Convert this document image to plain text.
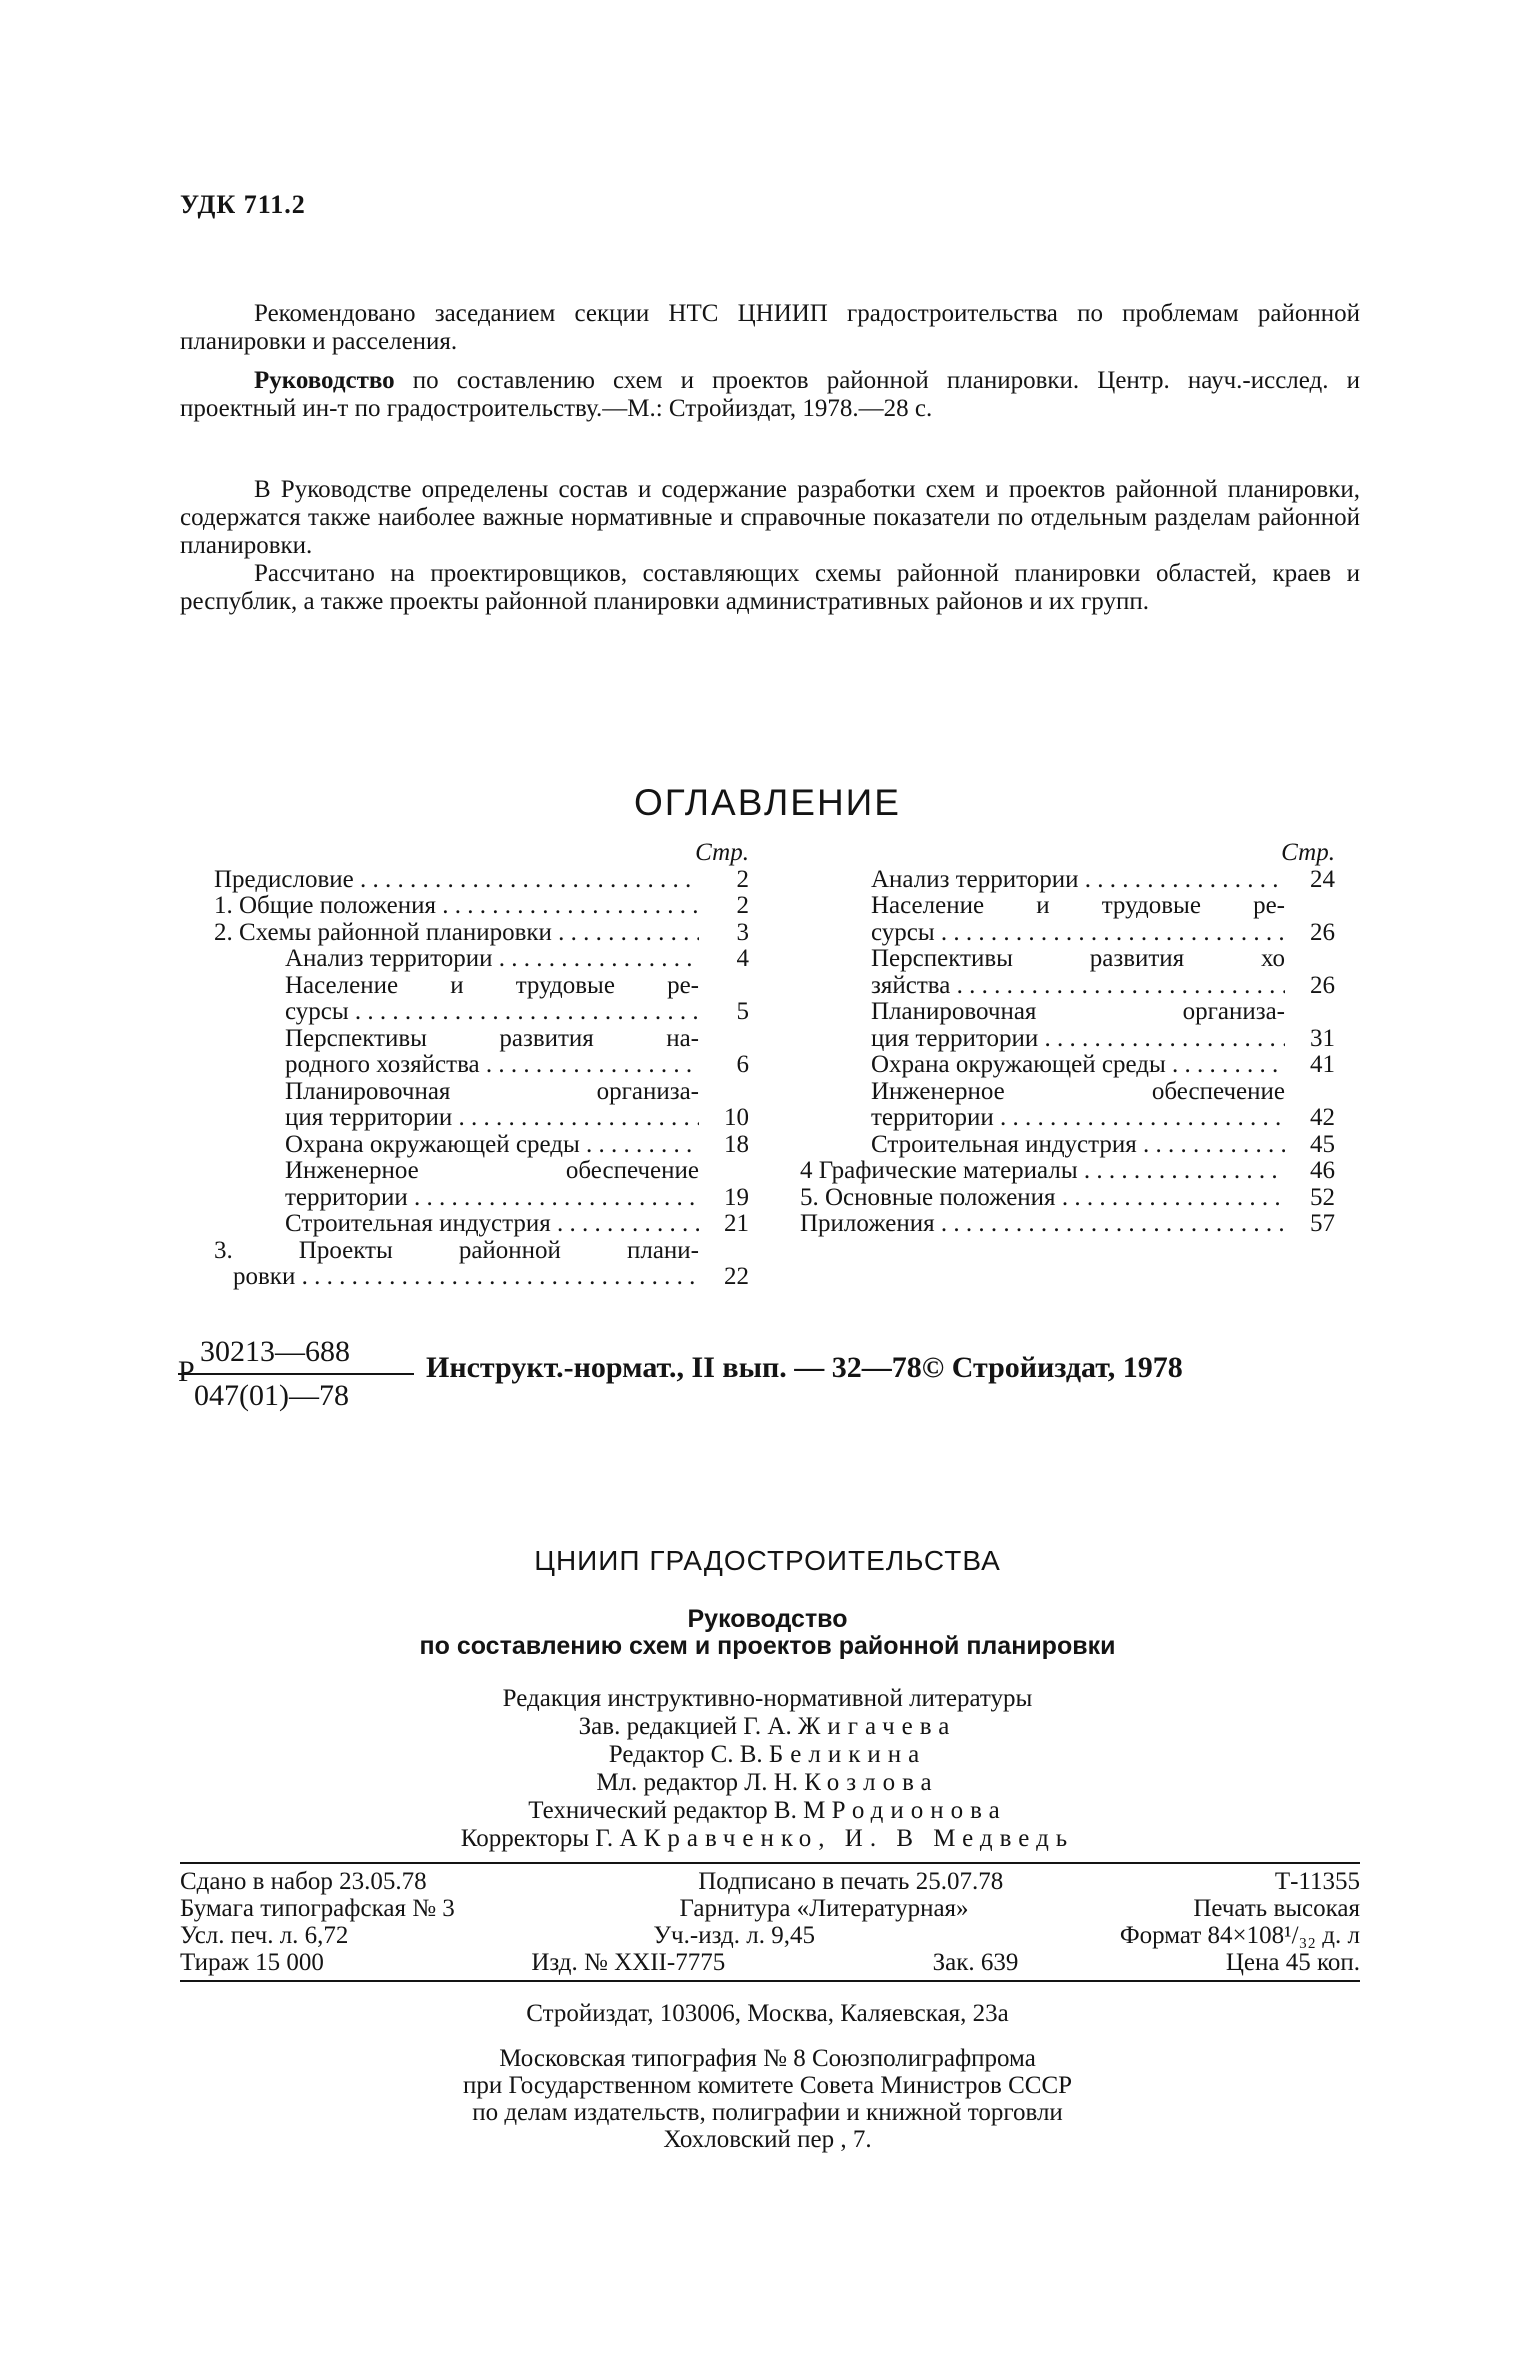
УДК 711.2

Рекомендовано заседанием секции НТС ЦНИИП градостроительства по проблемам районной планировки и расселения.

Руководство по составлению схем и проектов районной планировки. Центр. науч.-исслед. и проектный ин-т по градостроительству.—М.: Стройиздат, 1978.—28 с.

В Руководстве определены состав и содержание разработки схем и проектов районной планировки, содержатся также наиболее важные нормативные и справочные показатели по отдельным разделам районной планировки.

Рассчитано на проектировщиков, составляющих схемы районной планировки областей, краев и республик, а также проекты районной планировки административных районов и их групп.

ОГЛАВЛЕНИЕ
Стр.
Предисловие . . .	2
1. Общие положения . . .	2
2. Схемы районной планировки . . .	3
Анализ территории . . .	4
Население и трудовые ре-
сурсы . . .	5
Перспективы развития на-
родного хозяйства . . .	6
Планировочная организа-
ция территории . . .	10
Охрана окружающей среды . . .	18
Инженерное обеспечение
территории . . .	19
Строительная индустрия . . .	21
3. Проекты районной плани-
ровки . . .	22
Стр.
Анализ территории . . .	24
Население и трудовые ре-
сурсы . . .	26
Перспективы развития хо
зяйства . . .	26
Планировочная организа-
ция территории . . .	31
Охрана окружающей среды . . .	41
Инженерное обеспечение
территории . . .	42
Строительная индустрия . . .	45
4 Графические материалы . . .	46
5. Основные положения . . .	52
Приложения . . .	57
Р
30213—688
047(01)—78
Инструкт.-нормат., II вып. — 32—78© Стройиздат, 1978
ЦНИИП ГРАДОСТРОИТЕЛЬСТВА
Руководство
по составлению схем и проектов районной планировки
Редакция инструктивно-нормативной литературы
Зав. редакцией Г. А. Жигачева
Редактор С. В. Беликина
Мл. редактор Л. Н. Козлова
Технический редактор В. М Родионова
Корректоры Г. А Кравченко, И. В Медведь
Сдано в набор 23.05.78	Подписано в печать 25.07.78	Т-11355
Бумага типографская № 3	Гарнитура «Литературная»	Печать высокая
Усл. печ. л. 6,72	Уч.-изд. л. 9,45	Формат 84×108¹/₃₂ д. л
Тираж 15 000	Изд. № XXII-7775	Зак. 639	Цена 45 коп.
Стройиздат, 103006, Москва, Каляевская, 23а
Московская типография № 8 Союзполиграфпрома
при Государственном комитете Совета Министров СССР
по делам издательств, полиграфии и книжной торговли
Хохловский пер , 7.
